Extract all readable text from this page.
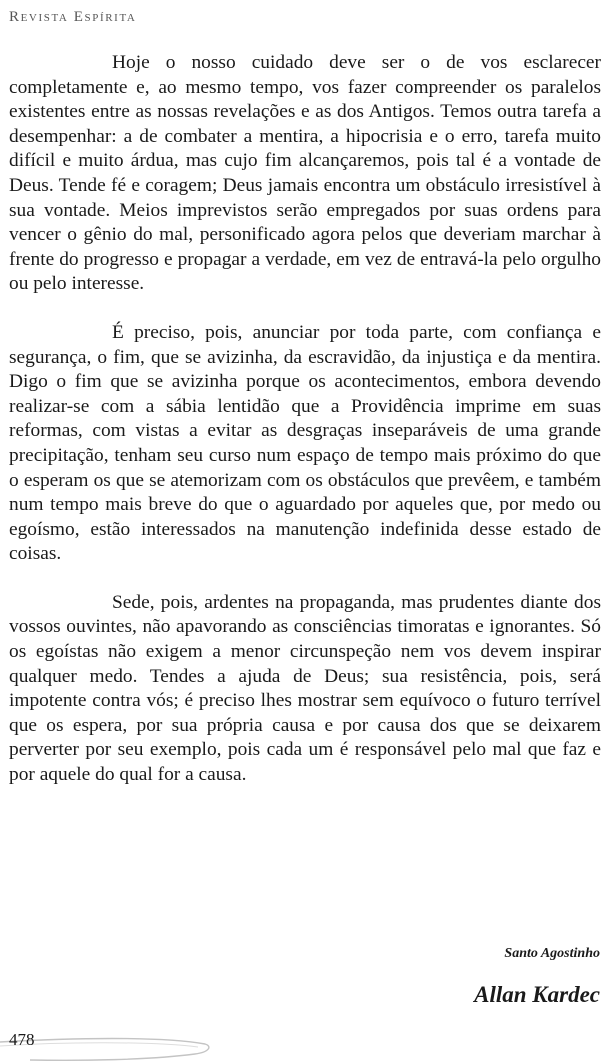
Revista Espírita

Hoje o nosso cuidado deve ser o de vos esclarecer completamente e, ao mesmo tempo, vos fazer compreender os paralelos existentes entre as nossas revelações e as dos Antigos. Temos outra tarefa a desempenhar: a de combater a mentira, a hipocrisia e o erro, tarefa muito difícil e muito árdua, mas cujo fim alcançaremos, pois tal é a vontade de Deus. Tende fé e coragem; Deus jamais encontra um obstáculo irresistível à sua vontade. Meios imprevistos serão empregados por suas ordens para vencer o gênio do mal, personificado agora pelos que deveriam marchar à frente do progresso e propagar a verdade, em vez de entravá-la pelo orgulho ou pelo interesse.

É preciso, pois, anunciar por toda parte, com confiança e segurança, o fim, que se avizinha, da escravidão, da injustiça e da mentira. Digo o fim que se avizinha porque os acontecimentos, embora devendo realizar-se com a sábia lentidão que a Providência imprime em suas reformas, com vistas a evitar as desgraças inseparáveis de uma grande precipitação, tenham seu curso num espaço de tempo mais próximo do que o esperam os que se atemorizam com os obstáculos que prevêem, e também num tempo mais breve do que o aguardado por aqueles que, por medo ou egoísmo, estão interessados na manutenção indefinida desse estado de coisas.

Sede, pois, ardentes na propaganda, mas prudentes diante dos vossos ouvintes, não apavorando as consciências timoratas e ignorantes. Só os egoístas não exigem a menor circunspeção nem vos devem inspirar qualquer medo. Tendes a ajuda de Deus; sua resistência, pois, será impotente contra vós; é preciso lhes mostrar sem equívoco o futuro terrível que os espera, por sua própria causa e por causa dos que se deixarem perverter por seu exemplo, pois cada um é responsável pelo mal que faz e por aquele do qual for a causa.

Santo Agostinho
Allan Kardec
478
